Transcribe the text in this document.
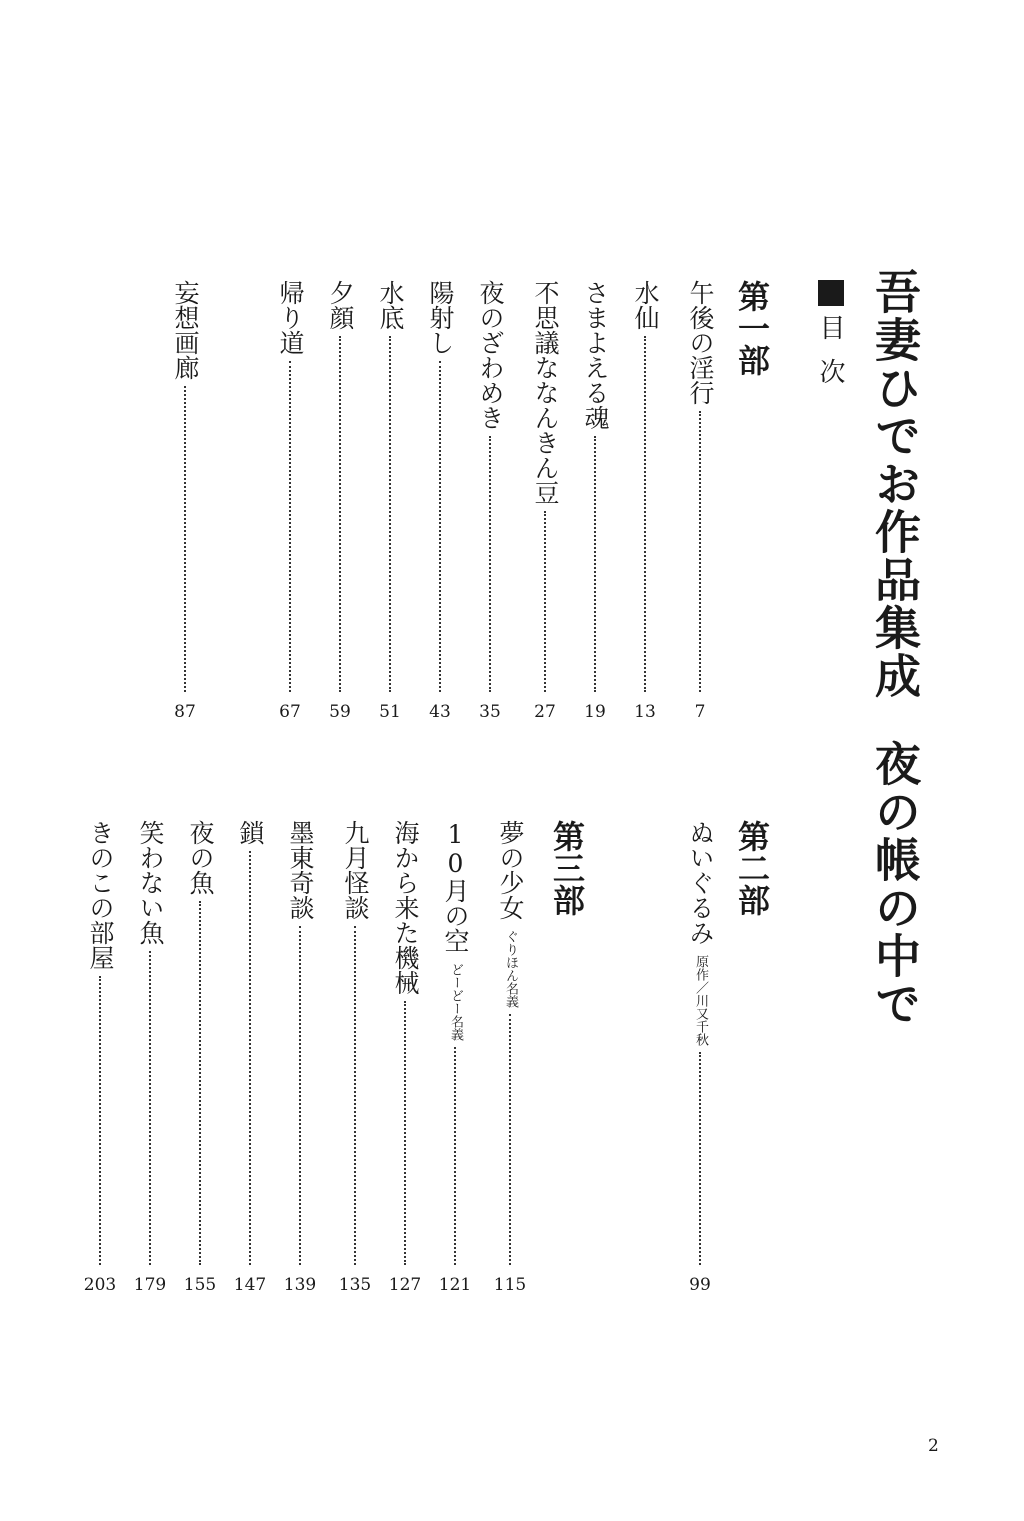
吾妻ひでお作品集成夜の帳の中で
目次
第一部
午後の淫行
7
水仙
13
さまよえる魂
19
不思議ななんきん豆
27
夜のざわめき
35
陽射し
43
水底
51
夕顔
59
帰り道
67
妄想画廊
87
第二部
ぬいぐるみ
原作／川又千秋
99
第三部
夢の少女
ぐりほん名義
115
10月の空
どーどー名義
121
海から来た機械
127
九月怪談
135
墨東奇談
139
鎖
147
夜の魚
155
笑わない魚
179
きのこの部屋
203
2
